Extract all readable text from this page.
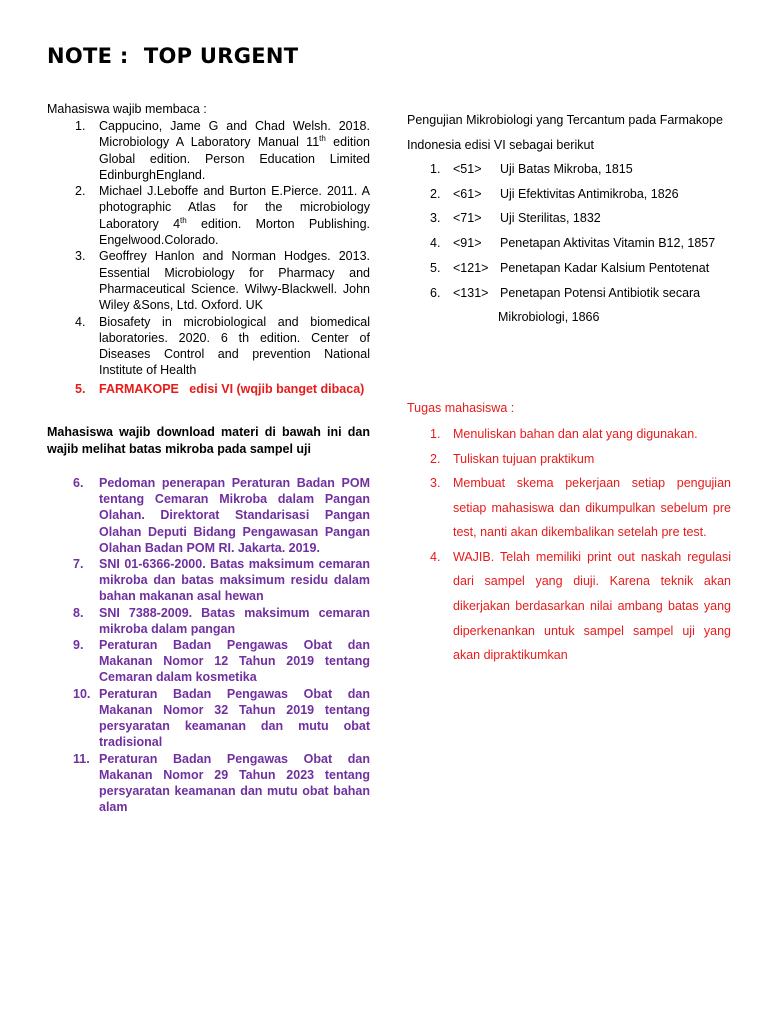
NOTE :  TOP URGENT
Mahasiswa wajib membaca :
1.	Cappucino, Jame G and Chad Welsh. 2018. Microbiology A Laboratory Manual 11th edition Global edition. Person Education Limited EdinburghEngland.
2.	Michael J.Leboffe and Burton E.Pierce. 2011. A photographic Atlas for the microbiology Laboratory 4th edition. Morton Publishing. Engelwood.Colorado.
3.	Geoffrey Hanlon and Norman Hodges. 2013. Essential Microbiology for Pharmacy and Pharmaceutical Science. Wilwy-Blackwell. John Wiley &Sons, Ltd. Oxford. UK
4.	Biosafety in microbiological and biomedical laboratories. 2020. 6 th edition. Center of Diseases Control and prevention National Institute of Health
5.	FARMAKOPE   edisi VI (wqjib banget dibaca)
Mahasiswa wajib download materi di bawah ini dan wajib melihat batas mikroba pada sampel uji
6.	Pedoman penerapan Peraturan Badan POM tentang Cemaran Mikroba dalam Pangan Olahan. Direktorat Standarisasi Pangan Olahan Deputi Bidang Pengawasan Pangan Olahan Badan POM RI. Jakarta. 2019.
7.	SNI 01-6366-2000. Batas maksimum cemaran mikroba dan batas maksimum residu dalam bahan makanan asal hewan
8.	SNI 7388-2009. Batas maksimum cemaran mikroba dalam pangan
9.	Peraturan Badan Pengawas Obat dan Makanan Nomor 12 Tahun 2019 tentang Cemaran dalam kosmetika
10. Peraturan Badan Pengawas Obat dan Makanan Nomor 32 Tahun 2019 tentang persyaratan keamanan dan mutu obat tradisional
11. Peraturan Badan Pengawas Obat dan Makanan Nomor 29 Tahun 2023 tentang persyaratan keamanan dan mutu obat bahan alam
Pengujian Mikrobiologi yang Tercantum pada Farmakope Indonesia edisi VI sebagai berikut
1. <51> Uji Batas Mikroba, 1815
2. <61> Uji Efektivitas Antimikroba, 1826
3. <71> Uji Sterilitas, 1832
4. <91> Penetapan Aktivitas Vitamin B12, 1857
5. <121> Penetapan Kadar Kalsium Pentotenat
6. <131> Penetapan Potensi Antibiotik secara
Mikrobiologi, 1866
Tugas mahasiswa :
1. Menuliskan bahan dan alat yang digunakan.
2. Tuliskan tujuan praktikum
3. Membuat skema pekerjaan setiap pengujian setiap mahasiswa dan dikumpulkan sebelum pre test, nanti akan dikembalikan setelah pre test.
4. WAJIB. Telah memiliki print out naskah regulasi dari sampel yang diuji. Karena teknik akan dikerjakan berdasarkan nilai ambang batas yang diperkenankan untuk sampel sampel uji yang akan dipraktikumkan
